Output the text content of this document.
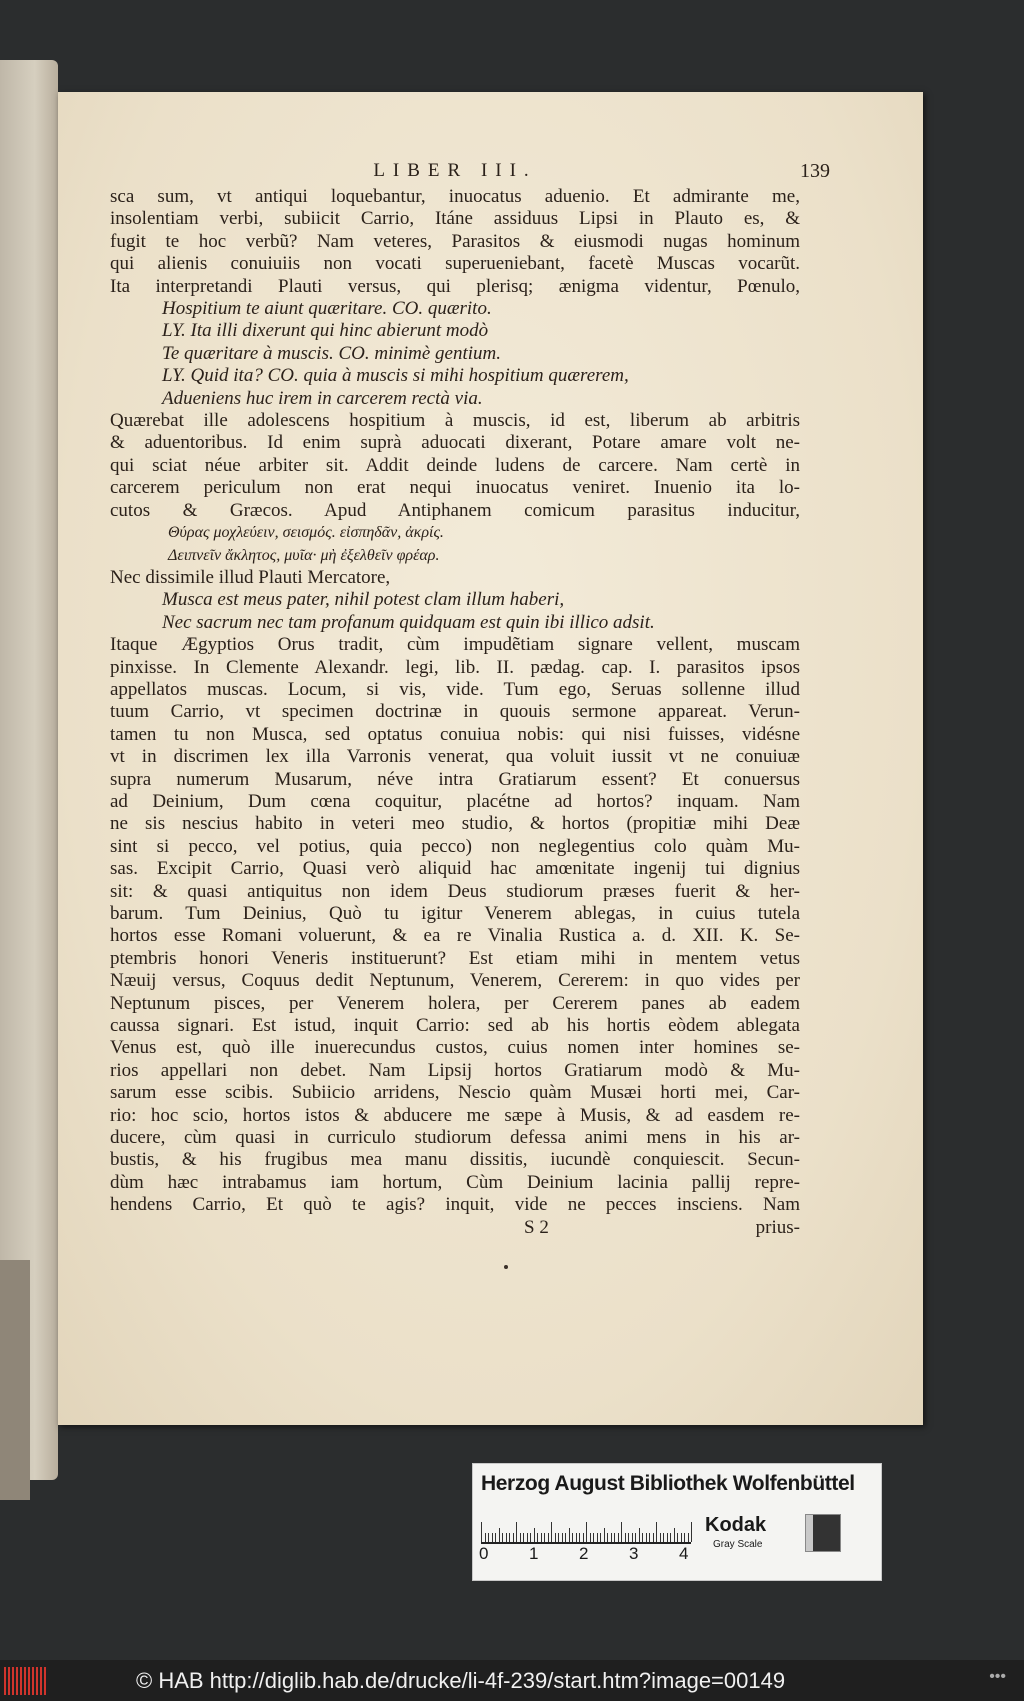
LIBER III.	139
sca sum, vt antiqui loquebantur, inuocatus aduenio. Et admirante me,
insolentiam verbi, subiicit Carrio, Itáne assiduus Lipsi in Plauto es, &
fugit te hoc verbũ? Nam veteres, Parasitos & eiusmodi nugas hominum
qui alienis conuiuiis non vocati superueniebant, facetè Muscas vocarũt.
Ita interpretandi Plauti versus, qui plerisq; ænigma videntur, Pœnulo,
Hospitium te aiunt quæritare. CO. quærito.
LY. Ita illi dixerunt qui hinc abierunt modò
Te quæritare à muscis. CO. minimè gentium.
LY. Quid ita? CO. quia à muscis si mihi hospitium quærerem,
Adueniens huc irem in carcerem rectà via.
Quærebat ille adolescens hospitium à muscis, id est, liberum ab arbitris
& aduentoribus. Id enim suprà aduocati dixerant, Potare amare volt ne-
qui sciat néue arbiter sit. Addit deinde ludens de carcere. Nam certè in
carcerem periculum non erat nequi inuocatus veniret. Inuenio ita lo-
cutos & Græcos. Apud Antiphanem comicum parasitus inducitur,
Θύρας μοχλεύειν, σεισμός. εἰσπηδᾶν, ἀκρίς.
Δειπνεῖν ἄκλητος, μυῖα· μὴ ἐξελθεῖν φρέαρ.
Nec dissimile illud Plauti Mercatore,
Musca est meus pater, nihil potest clam illum haberi,
Nec sacrum nec tam profanum quidquam est quin ibi illico adsit.
Itaque Ægyptios Orus tradit, cùm impudẽtiam signare vellent, muscam
pinxisse. In Clemente Alexandr. legi, lib. II. pædag. cap. I. parasitos ipsos
appellatos muscas. Locum, si vis, vide. Tum ego, Seruas sollenne illud
tuum Carrio, vt specimen doctrinæ in quouis sermone appareat. Verun-
tamen tu non Musca, sed optatus conuiua nobis: qui nisi fuisses, vidésne
vt in discrimen lex illa Varronis venerat, qua voluit iussit vt ne conuiuæ
supra numerum Musarum, néve intra Gratiarum essent? Et conuersus
ad Deinium, Dum cœna coquitur, placétne ad hortos? inquam. Nam
ne sis nescius habito in veteri meo studio, & hortos (propitiæ mihi Deæ
sint si pecco, vel potius, quia pecco) non neglegentius colo quàm Mu-
sas. Excipit Carrio, Quasi verò aliquid hac amœnitate ingenij tui dignius
sit: & quasi antiquitus non idem Deus studiorum præses fuerit & her-
barum. Tum Deinius, Quò tu igitur Venerem ablegas, in cuius tutela
hortos esse Romani voluerunt, & ea re Vinalia Rustica a. d. XII. K. Se-
ptembris honori Veneris instituerunt? Est etiam mihi in mentem vetus
Næuij versus, Coquus dedit Neptunum, Venerem, Cererem: in quo vides per
Neptunum pisces, per Venerem holera, per Cererem panes ab eadem
caussa signari. Est istud, inquit Carrio: sed ab his hortis eòdem ablegata
Venus est, quò ille inuerecundus custos, cuius nomen inter homines se-
rios appellari non debet. Nam Lipsij hortos Gratiarum modò & Mu-
sarum esse scibis. Subiicio arridens, Nescio quàm Musæi horti mei, Car-
rio: hoc scio, hortos istos & abducere me sæpe à Musis, & ad easdem re-
ducere, cùm quasi in curriculo studiorum defessa animi mens in his ar-
bustis, & his frugibus mea manu dissitis, iucundè conquiescit. Secun-
dùm hæc intrabamus iam hortum, Cùm Deinium lacinia pallij repre-
hendens Carrio, Et quò te agis? inquit, vide ne pecces insciens. Nam
S 2	prius-
Herzog August Bibliothek Wolfenbüttel
0 1 2 3 4
Kodak
Gray Scale
© HAB http://diglib.hab.de/drucke/li-4f-239/start.htm?image=00149	•••
